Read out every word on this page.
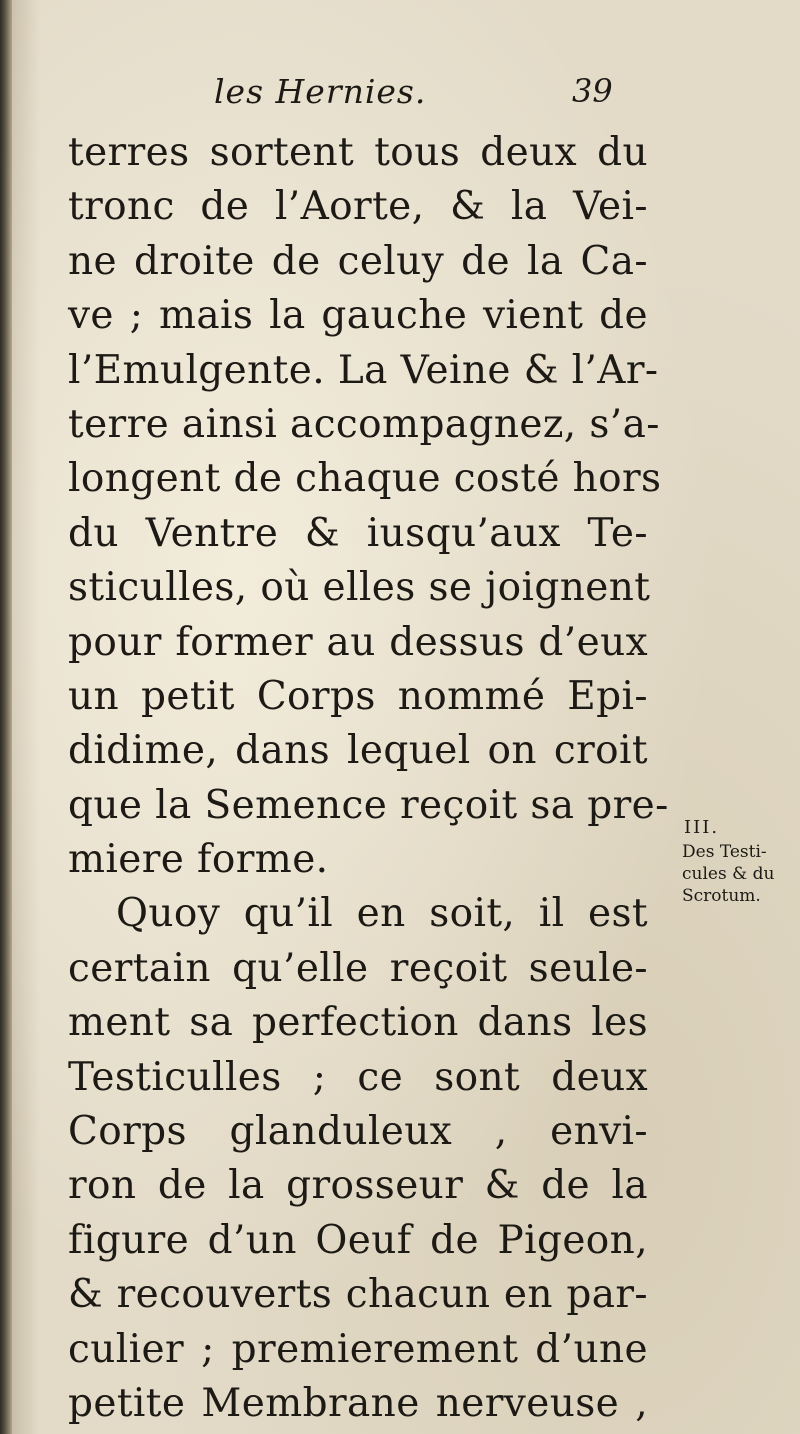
les Hernies.	39
terres sortent tous deux du
tronc de l’Aorte, & la Vei-
ne droite de celuy de la Ca-
ve ; mais la gauche vient de
l’Emulgente. La Veine & l’Ar-
terre ainsi accompagnez, s’a-
longent de chaque costé hors
du Ventre & iusqu’aux Te-
sticulles, où elles se joignent
pour former au dessus d’eux
un petit Corps nommé Epi-
didime, dans lequel on croit
que la Semence reçoit sa pre-
miere forme.
Quoy qu’il en soit, il est
certain qu’elle reçoit seule-
ment sa perfection dans les
Testiculles ; ce sont deux
Corps glanduleux , envi-
ron de la grosseur & de la
figure d’un Oeuf de Pigeon,
& recouverts chacun en par-
culier ; premierement d’une
petite Membrane nerveuse ,
III.
Des Testi-
cules & du
Scrotum.
